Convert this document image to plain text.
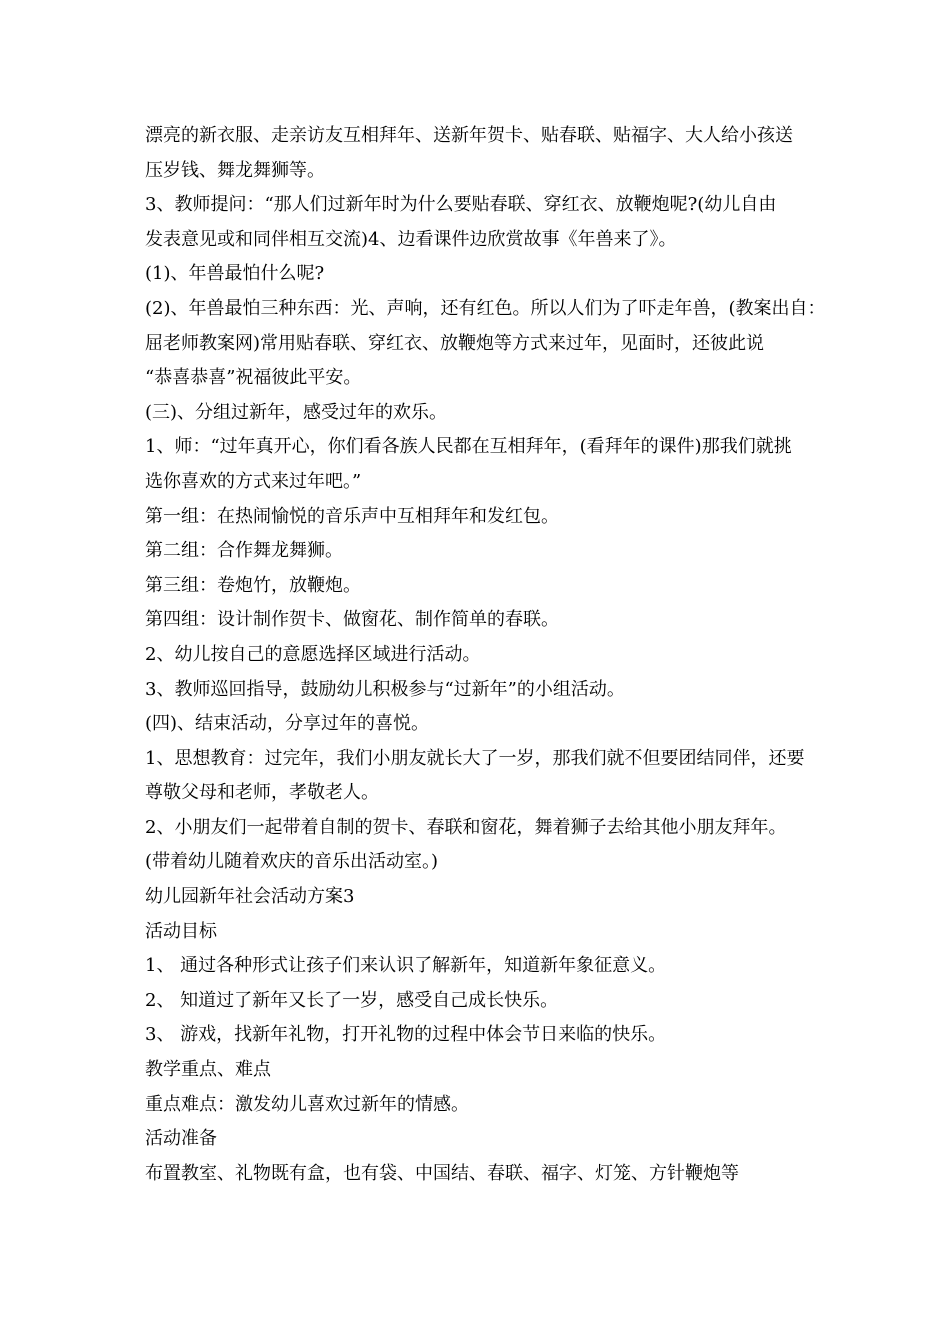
漂亮的新衣服、走亲访友互相拜年、送新年贺卡、贴春联、贴福字、大人给小孩送
压岁钱、舞龙舞狮等。
3、教师提问：“那人们过新年时为什么要贴春联、穿红衣、放鞭炮呢?(幼儿自由
发表意见或和同伴相互交流)4、边看课件边欣赏故事《年兽来了》。
(1)、年兽最怕什么呢?
(2)、年兽最怕三种东西：光、声响，还有红色。所以人们为了吓走年兽，(教案出自：
屈老师教案网)常用贴春联、穿红衣、放鞭炮等方式来过年，见面时，还彼此说
“恭喜恭喜”祝福彼此平安。
(三)、分组过新年，感受过年的欢乐。
1、师：“过年真开心，你们看各族人民都在互相拜年，(看拜年的课件)那我们就挑
选你喜欢的方式来过年吧。”
第一组：在热闹愉悦的音乐声中互相拜年和发红包。
第二组：合作舞龙舞狮。
第三组：卷炮竹，放鞭炮。
第四组：设计制作贺卡、做窗花、制作简单的春联。
2、幼儿按自己的意愿选择区域进行活动。
3、教师巡回指导，鼓励幼儿积极参与“过新年”的小组活动。
(四)、结束活动，分享过年的喜悦。
1、思想教育：过完年，我们小朋友就长大了一岁，那我们就不但要团结同伴，还要
尊敬父母和老师，孝敬老人。
2、小朋友们一起带着自制的贺卡、春联和窗花，舞着狮子去给其他小朋友拜年。
(带着幼儿随着欢庆的音乐出活动室。)
幼儿园新年社会活动方案3
活动目标
1、 通过各种形式让孩子们来认识了解新年，知道新年象征意义。
2、 知道过了新年又长了一岁，感受自己成长快乐。
3、 游戏，找新年礼物，打开礼物的过程中体会节日来临的快乐。
教学重点、难点
重点难点：激发幼儿喜欢过新年的情感。
活动准备
布置教室、礼物既有盒，也有袋、中国结、春联、福字、灯笼、方针鞭炮等
